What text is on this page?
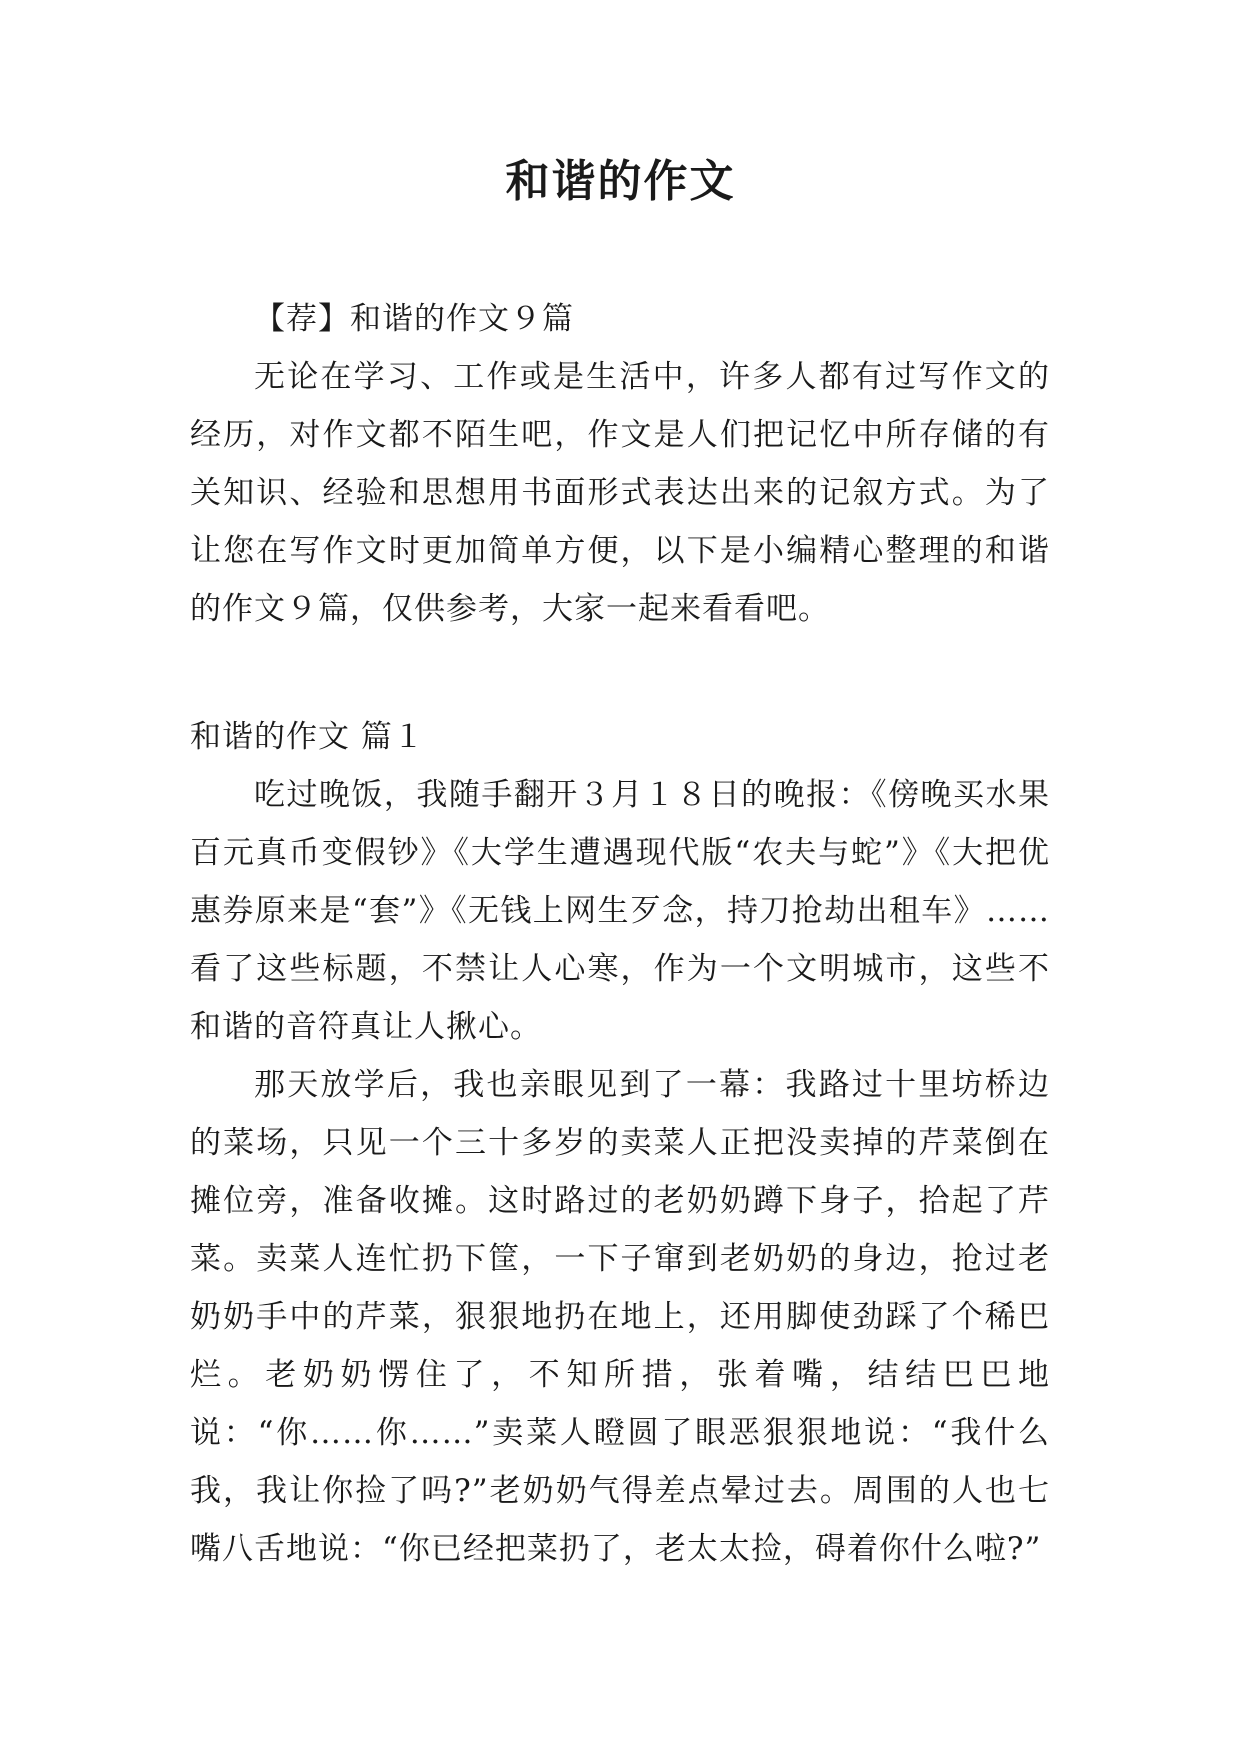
和谐的作文

【荐】和谐的作文９篇

无论在学习、工作或是生活中，许多人都有过写作文的经历，对作文都不陌生吧，作文是人们把记忆中所存储的有关知识、经验和思想用书面形式表达出来的记叙方式。为了让您在写作文时更加简单方便，以下是小编精心整理的和谐的作文９篇，仅供参考，大家一起来看看吧。

和谐的作文 篇１

吃过晚饭，我随手翻开３月１８日的晚报：《傍晚买水果百元真币变假钞》《大学生遭遇现代版“农夫与蛇”》《大把优惠券原来是“套”》《无钱上网生歹念，持刀抢劫出租车》……看了这些标题，不禁让人心寒，作为一个文明城市，这些不和谐的音符真让人揪心。

那天放学后，我也亲眼见到了一幕：我路过十里坊桥边的菜场，只见一个三十多岁的卖菜人正把没卖掉的芹菜倒在摊位旁，准备收摊。这时路过的老奶奶蹲下身子，拾起了芹菜。卖菜人连忙扔下筐，一下子窜到老奶奶的身边，抢过老奶奶手中的芹菜，狠狠地扔在地上，还用脚使劲踩了个稀巴烂。老奶奶愣住了，不知所措，张着嘴，结结巴巴地说：“你……你……”卖菜人瞪圆了眼恶狠狠地说：“我什么我，我让你捡了吗?”老奶奶气得差点晕过去。周围的人也七嘴八舌地说：“你已经把菜扔了，老太太捡，碍着你什么啦?”
